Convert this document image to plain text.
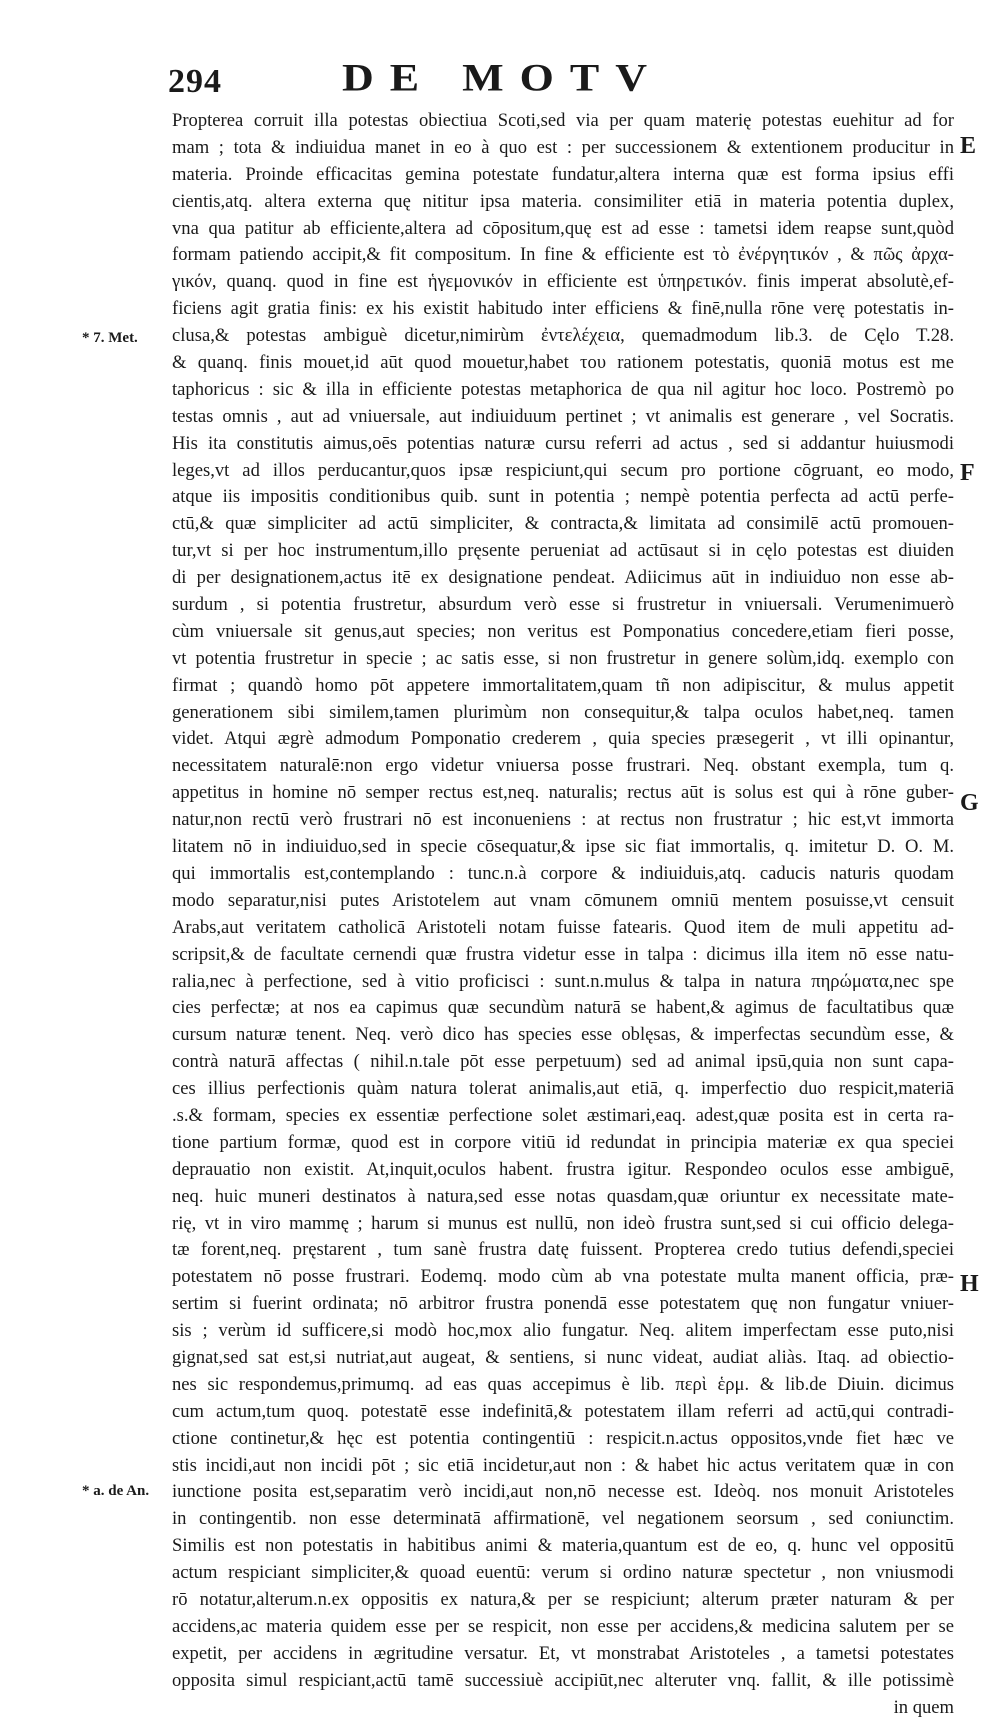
294	DE MOTV
* 7. Met.
* a. de An.
E
F
G
H
Propterea corruit illa potestas obiectiua Scoti,sed via per quam materię potestas euehitur ad for
mam ; tota & indiuidua manet in eo à quo est : per successionem & extentionem producitur in
materia. Proinde efficacitas gemina potestate fundatur,altera interna quæ est forma ipsius effi
cientis,atq. altera externa quę nititur ipsa materia. consimiliter etiā in materia potentia duplex,
vna qua patitur ab efficiente,altera ad cōpositum,quę est ad esse : tametsi idem reapse sunt,quòd
formam patiendo accipit,& fit compositum. In fine & efficiente est τὸ ἐνέργητικόν , & πῶς ἀρχα-
γικόν, quanq. quod in fine est ἡγεμονικόν in efficiente est ὑπηρετικόν. finis imperat absolutè,ef-
ficiens agit gratia finis: ex his existit habitudo inter efficiens & finē,nulla rōne verę potestatis in-
clusa,& potestas ambiguè dicetur,nimirùm ἐντελέχεια, quemadmodum lib.3. de Cęlo T.28.
& quanq. finis mouet,id aūt quod mouetur,habet του rationem potestatis, quoniā motus est me
taphoricus : sic & illa in efficiente potestas metaphorica de qua nil agitur hoc loco. Postremò po
testas omnis , aut ad vniuersale, aut indiuiduum pertinet ; vt animalis est generare , vel Socratis.
His ita constitutis aimus,oēs potentias naturæ cursu referri ad actus , sed si addantur huiusmodi
leges,vt ad illos perducantur,quos ipsæ respiciunt,qui secum pro portione cōgruant, eo modo,
atque iis impositis conditionibus quib. sunt in potentia ; nempè potentia perfecta ad actū perfe-
ctū,& quæ simpliciter ad actū simpliciter, & contracta,& limitata ad consimilē actū promouen-
tur,vt si per hoc instrumentum,illo pręsente perueniat ad actūsaut si in cęlo potestas est diuiden
di per designationem,actus itē ex designatione pendeat. Adiicimus aūt in indiuiduo non esse ab-
surdum , si potentia frustretur, absurdum verò esse si frustretur in vniuersali. Verumenimuerò
cùm vniuersale sit genus,aut species; non veritus est Pomponatius concedere,etiam fieri posse,
vt potentia frustretur in specie ; ac satis esse, si non frustretur in genere solùm,idq. exemplo con
firmat ; quandò homo pōt appetere immortalitatem,quam tñ non adipiscitur, & mulus appetit
generationem sibi similem,tamen plurimùm non consequitur,& talpa oculos habet,neq. tamen
videt. Atqui ægrè admodum Pomponatio crederem , quia species præsegerit , vt illi opinantur,
necessitatem naturalē:non ergo videtur vniuersa posse frustrari. Neq. obstant exempla, tum q.
appetitus in homine nō semper rectus est,neq. naturalis; rectus aūt is solus est qui à rōne guber-
natur,non rectū verò frustrari nō est inconueniens : at rectus non frustratur ; hic est,vt immorta
litatem nō in indiuiduo,sed in specie cōsequatur,& ipse sic fiat immortalis, q. imitetur D. O. M.
qui immortalis est,contemplando : tunc.n.à corpore & indiuiduis,atq. caducis naturis quodam
modo separatur,nisi putes Aristotelem aut vnam cōmunem omniū mentem posuisse,vt censuit
Arabs,aut veritatem catholicā Aristoteli notam fuisse fatearis. Quod item de muli appetitu ad-
scripsit,& de facultate cernendi quæ frustra videtur esse in talpa : dicimus illa item nō esse natu-
ralia,nec à perfectione, sed à vitio proficisci : sunt.n.mulus & talpa in natura πηρώματα,nec spe
cies perfectæ; at nos ea capimus quæ secundùm naturā se habent,& agimus de facultatibus quæ
cursum naturæ tenent. Neq. verò dico has species esse oblęsas, & imperfectas secundùm esse, &
contrà naturā affectas ( nihil.n.tale pōt esse perpetuum) sed ad animal ipsū,quia non sunt capa-
ces illius perfectionis quàm natura tolerat animalis,aut etiā, q. imperfectio duo respicit,materiā
.s.& formam, species ex essentiæ perfectione solet æstimari,eaq. adest,quæ posita est in certa ra-
tione partium formæ, quod est in corpore vitiū id redundat in principia materiæ ex qua speciei
deprauatio non existit. At,inquit,oculos habent. frustra igitur. Respondeo oculos esse ambiguē,
neq. huic muneri destinatos à natura,sed esse notas quasdam,quæ oriuntur ex necessitate mate-
rię, vt in viro mammę ; harum si munus est nullū, non ideò frustra sunt,sed si cui officio delega-
tæ forent,neq. pręstarent , tum sanè frustra datę fuissent. Propterea credo tutius defendi,speciei
potestatem nō posse frustrari. Eodemq. modo cùm ab vna potestate multa manent officia, præ-
sertim si fuerint ordinata; nō arbitror frustra ponendā esse potestatem quę non fungatur vniuer-
sis ; verùm id sufficere,si modò hoc,mox alio fungatur. Neq. alitem imperfectam esse puto,nisi
gignat,sed sat est,si nutriat,aut augeat, & sentiens, si nunc videat, audiat aliàs. Itaq. ad obiectio-
nes sic respondemus,primumq. ad eas quas accepimus è lib. περὶ ἑρμ. & lib.de Diuin. dicimus
cum actum,tum quoq. potestatē esse indefinitā,& potestatem illam referri ad actū,qui contradi-
ctione continetur,& hęc est potentia contingentiū : respicit.n.actus oppositos,vnde fiet hæc ve
stis incidi,aut non incidi pōt ; sic etiā incidetur,aut non : & habet hic actus veritatem quæ in con
iunctione posita est,separatim verò incidi,aut non,nō necesse est. Ideòq. nos monuit Aristoteles
in contingentib. non esse determinatā affirmationē, vel negationem seorsum , sed coniunctim.
Similis est non potestatis in habitibus animi & materia,quantum est de eo, q. hunc vel oppositū
actum respiciant simpliciter,& quoad euentū: verum si ordino naturæ spectetur , non vniusmodi
rō notatur,alterum.n.ex oppositis ex natura,& per se respiciunt; alterum præter naturam & per
accidens,ac materia quidem esse per se respicit, non esse per accidens,& medicina salutem per se
expetit, per accidens in ægritudine versatur. Et, vt monstrabat Aristoteles , a tametsi potestates
opposita simul respiciant,actū tamē successiuè accipiūt,nec alteruter vnq. fallit, & ille potissimè
in quem
